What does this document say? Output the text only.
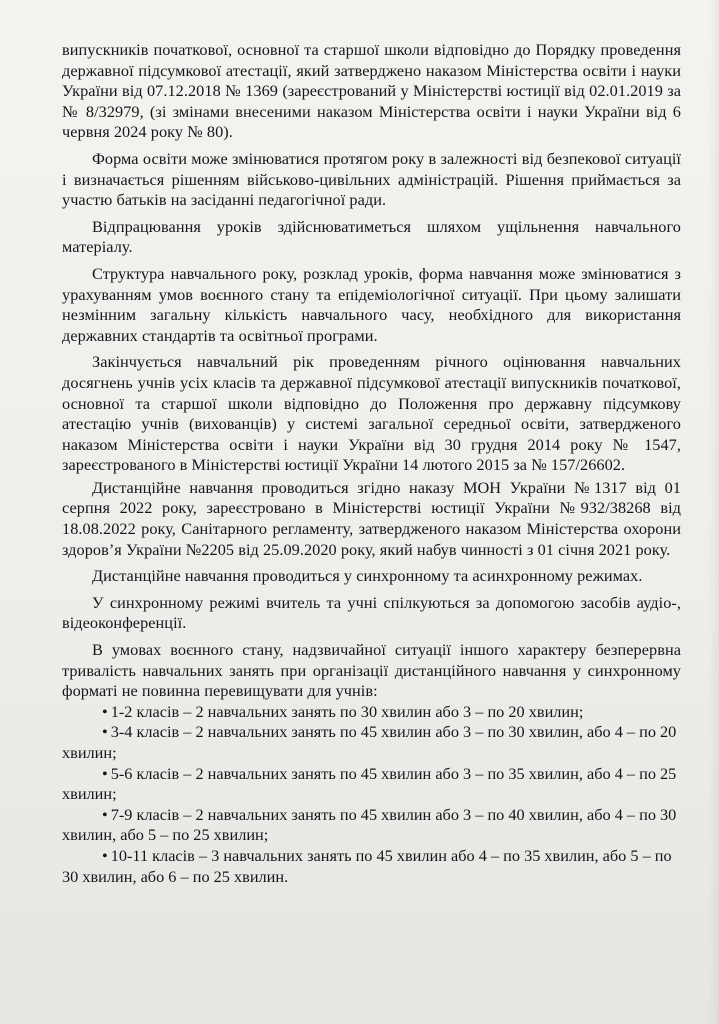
випускників початкової, основної та старшої школи відповідно до Порядку проведення державної підсумкової атестації, який затверджено наказом Міністерства освіти і науки України від 07.12.2018 № 1369 (зареєстрований у Міністерстві юстиції від 02.01.2019 за № 8/32979, (зі змінами внесеними наказом Міністерства освіти і науки України від 6 червня 2024 року № 80).

Форма освіти може змінюватися протягом року в залежності від безпекової ситуації і визначається рішенням військово-цивільних адміністрацій. Рішення приймається за участю батьків на засіданні педагогічної ради.

Відпрацювання уроків здійснюватиметься шляхом ущільнення навчального матеріалу.

Структура навчального року, розклад уроків, форма навчання може змінюватися з урахуванням умов воєнного стану та епідеміологічної ситуації. При цьому залишати незмінним загальну кількість навчального часу, необхідного для використання державних стандартів та освітньої програми.

Закінчується навчальний рік проведенням річного оцінювання навчальних досягнень учнів усіх класів та державної підсумкової атестації випускників початкової, основної та старшої школи відповідно до Положення про державну підсумкову атестацію учнів (вихованців) у системі загальної середньої освіти, затвердженого наказом Міністерства освіти і науки України від 30 грудня 2014 року № 1547, зареєстрованого в Міністерстві юстиції України 14 лютого 2015 за № 157/26602.

Дистанційне навчання проводиться згідно наказу МОН України №1317 від 01 серпня 2022 року, зареєстровано в Міністерстві юстиції України №932/38268 від 18.08.2022 року, Санітарного регламенту, затвердженого наказом Міністерства охорони здоров’я України №2205 від 25.09.2020 року, який набув чинності з 01 січня 2021 року.

Дистанційне навчання проводиться у синхронному та асинхронному режимах.

У синхронному режимі вчитель та учні спілкуються за допомогою засобів аудіо-, відеоконференції.

В умовах воєнного стану, надзвичайної ситуації іншого характеру безперервна тривалість навчальних занять при організації дистанційного навчання у синхронному форматі не повинна перевищувати для учнів:

• 1-2 класів – 2 навчальних занять по 30 хвилин або 3 – по 20 хвилин;

• 3-4 класів – 2 навчальних занять по 45 хвилин або 3 – по 30 хвилин, або 4 – по 20 хвилин;

• 5-6 класів – 2 навчальних занять по 45 хвилин або 3 – по 35 хвилин, або 4 – по 25 хвилин;

• 7-9 класів – 2 навчальних занять по 45 хвилин або 3 – по 40 хвилин, або 4 – по 30 хвилин, або 5 – по 25 хвилин;

• 10-11 класів – 3 навчальних занять по 45 хвилин або 4 – по 35 хвилин, або 5 – по 30 хвилин, або 6 – по 25 хвилин.
